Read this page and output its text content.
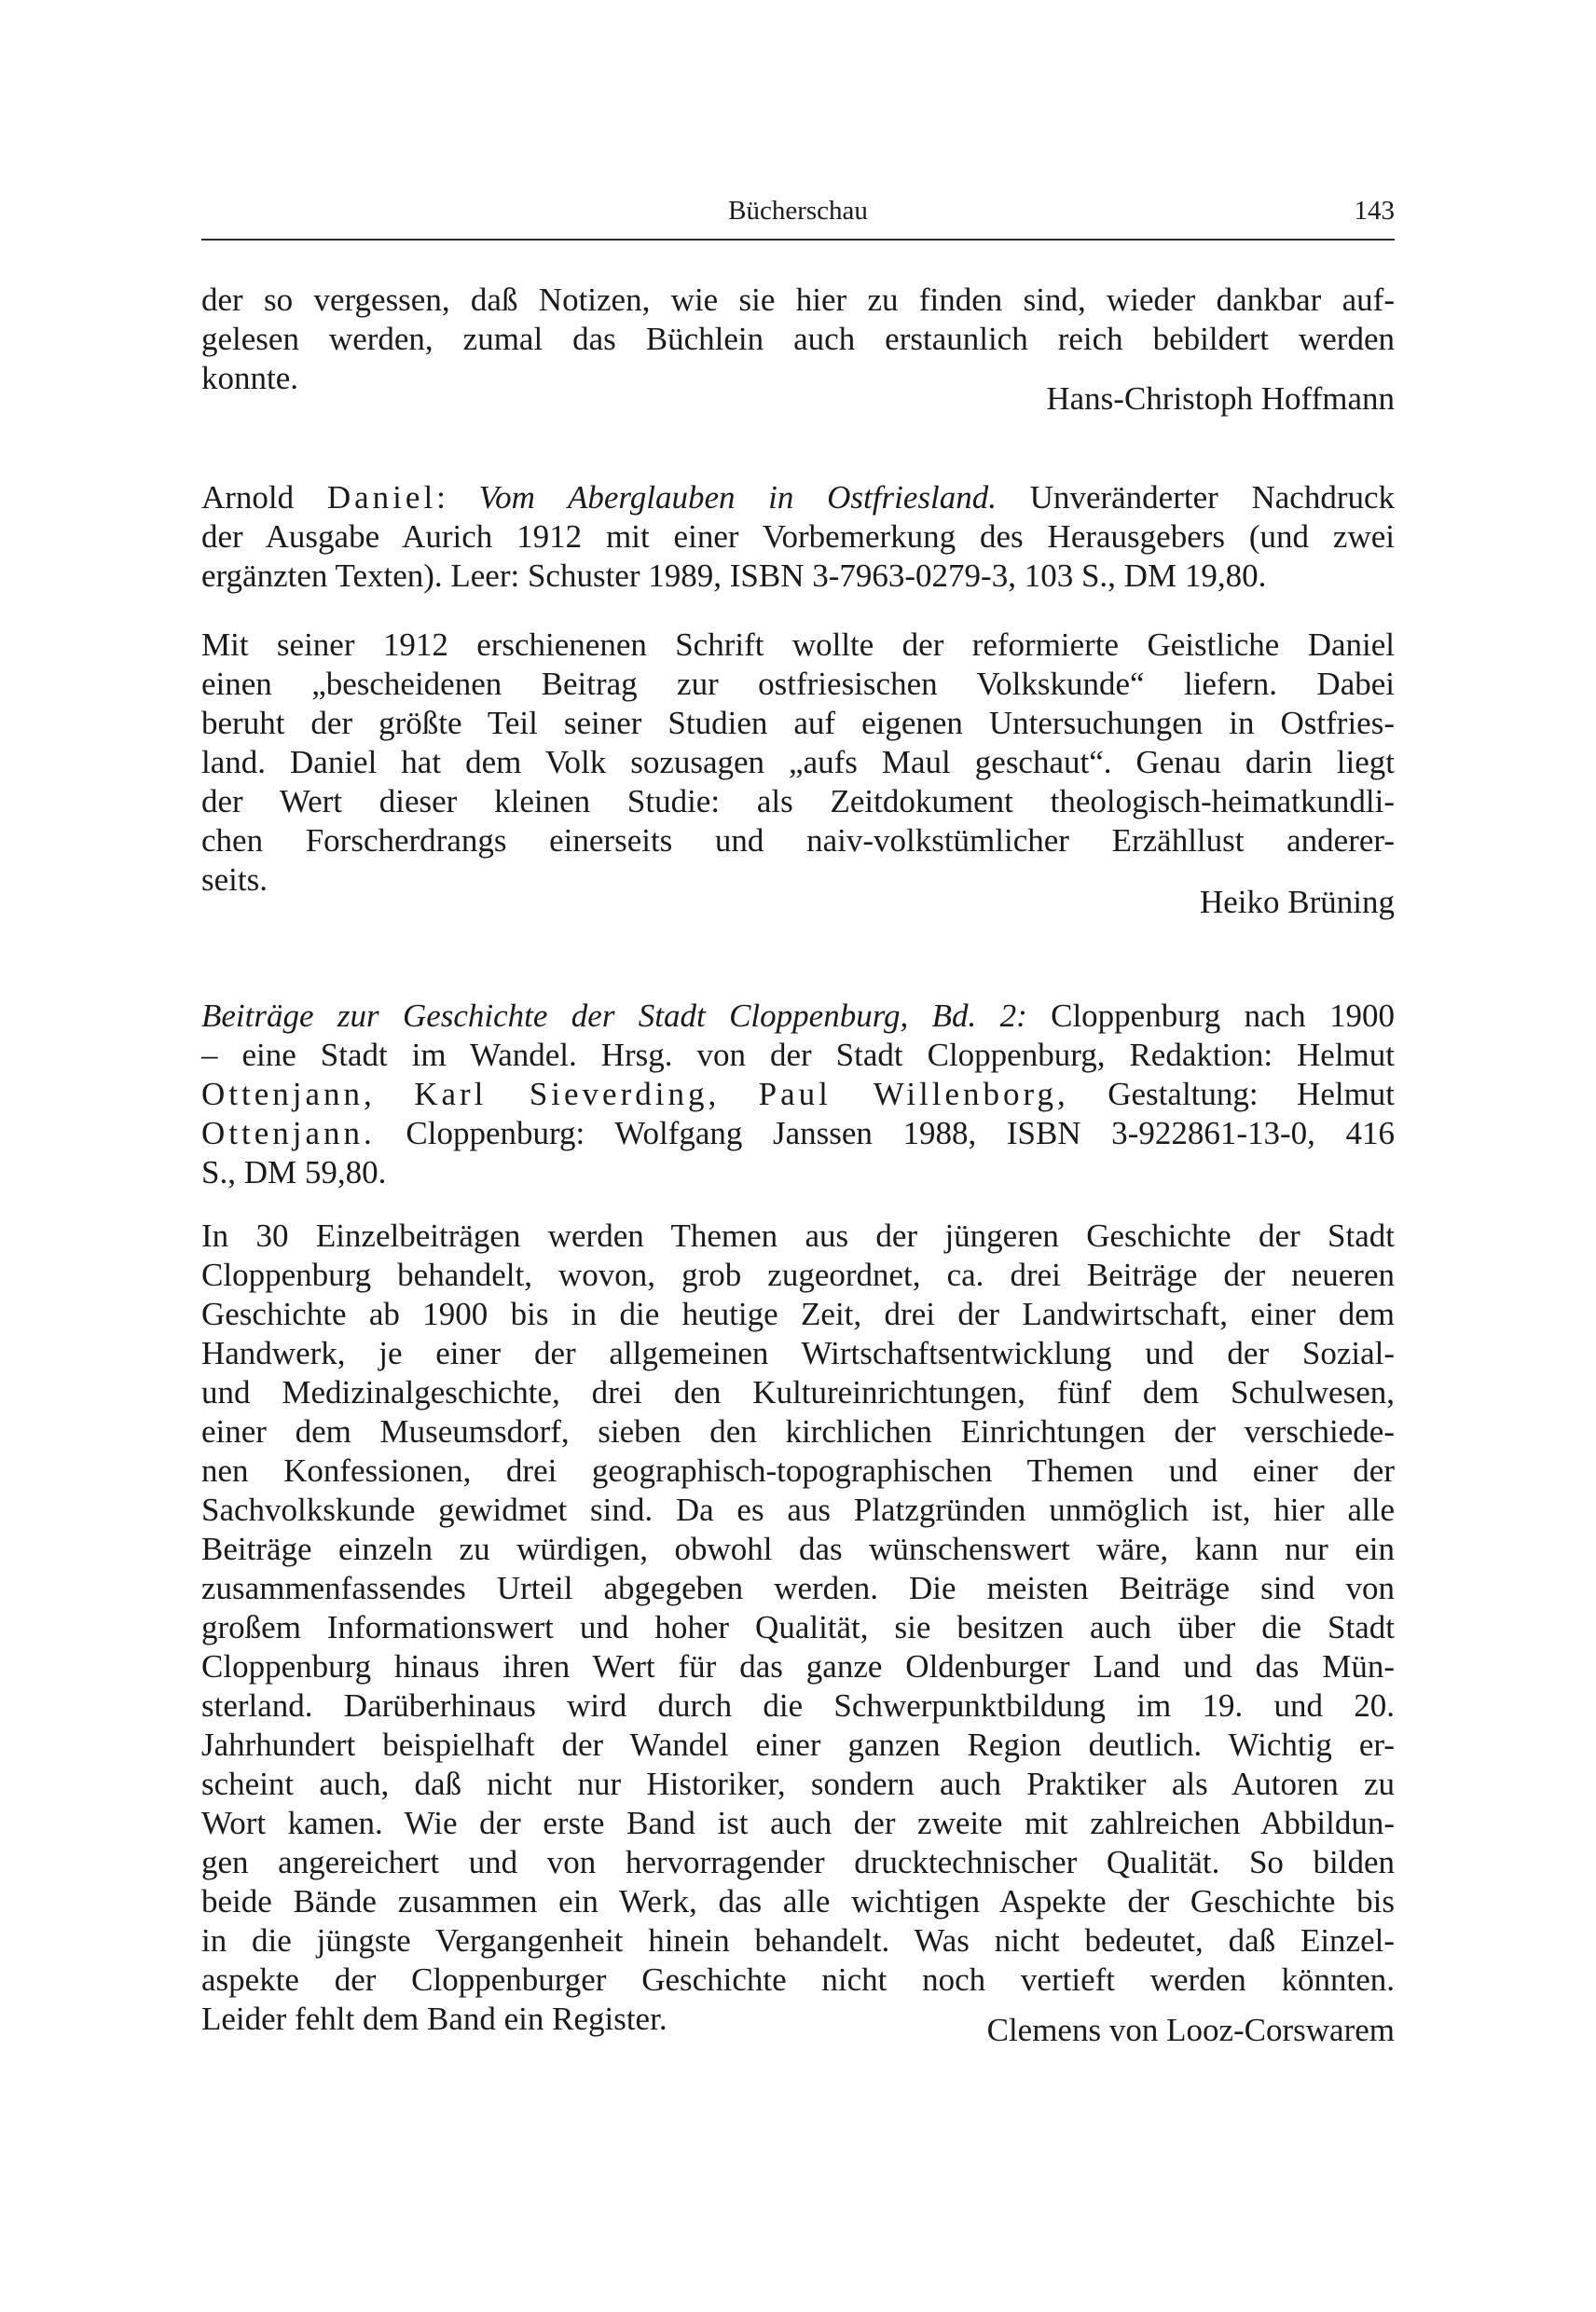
Bücherschau	143
der so vergessen, daß Notizen, wie sie hier zu finden sind, wieder dankbar auf-
gelesen werden, zumal das Büchlein auch erstaunlich reich bebildert werden
konnte.
Hans-Christoph Hoffmann
Arnold Daniel: Vom Aberglauben in Ostfriesland. Unveränderter Nachdruck
der Ausgabe Aurich 1912 mit einer Vorbemerkung des Herausgebers (und zwei
ergänzten Texten). Leer: Schuster 1989, ISBN 3-7963-0279-3, 103 S., DM 19,80.
Mit seiner 1912 erschienenen Schrift wollte der reformierte Geistliche Daniel
einen „bescheidenen Beitrag zur ostfriesischen Volkskunde“ liefern. Dabei
beruht der größte Teil seiner Studien auf eigenen Untersuchungen in Ostfries-
land. Daniel hat dem Volk sozusagen „aufs Maul geschaut“. Genau darin liegt
der Wert dieser kleinen Studie: als Zeitdokument theologisch-heimatkundli-
chen Forscherdrangs einerseits und naiv-volkstümlicher Erzähllust anderer-
seits.
Heiko Brüning
Beiträge zur Geschichte der Stadt Cloppenburg, Bd. 2: Cloppenburg nach 1900
– eine Stadt im Wandel. Hrsg. von der Stadt Cloppenburg, Redaktion: Helmut
Ottenjann, Karl Sieverding, Paul Willenborg, Gestaltung: Helmut
Ottenjann. Cloppenburg: Wolfgang Janssen 1988, ISBN 3-922861-13-0, 416
S., DM 59,80.
In 30 Einzelbeiträgen werden Themen aus der jüngeren Geschichte der Stadt
Cloppenburg behandelt, wovon, grob zugeordnet, ca. drei Beiträge der neueren
Geschichte ab 1900 bis in die heutige Zeit, drei der Landwirtschaft, einer dem
Handwerk, je einer der allgemeinen Wirtschaftsentwicklung und der Sozial-
und Medizinalgeschichte, drei den Kultureinrichtungen, fünf dem Schulwesen,
einer dem Museumsdorf, sieben den kirchlichen Einrichtungen der verschiede-
nen Konfessionen, drei geographisch-topographischen Themen und einer der
Sachvolkskunde gewidmet sind. Da es aus Platzgründen unmöglich ist, hier alle
Beiträge einzeln zu würdigen, obwohl das wünschenswert wäre, kann nur ein
zusammenfassendes Urteil abgegeben werden. Die meisten Beiträge sind von
großem Informationswert und hoher Qualität, sie besitzen auch über die Stadt
Cloppenburg hinaus ihren Wert für das ganze Oldenburger Land und das Mün-
sterland. Darüberhinaus wird durch die Schwerpunktbildung im 19. und 20.
Jahrhundert beispielhaft der Wandel einer ganzen Region deutlich. Wichtig er-
scheint auch, daß nicht nur Historiker, sondern auch Praktiker als Autoren zu
Wort kamen. Wie der erste Band ist auch der zweite mit zahlreichen Abbildun-
gen angereichert und von hervorragender drucktechnischer Qualität. So bilden
beide Bände zusammen ein Werk, das alle wichtigen Aspekte der Geschichte bis
in die jüngste Vergangenheit hinein behandelt. Was nicht bedeutet, daß Einzel-
aspekte der Cloppenburger Geschichte nicht noch vertieft werden könnten.
Leider fehlt dem Band ein Register.	Clemens von Looz-Corswarem
